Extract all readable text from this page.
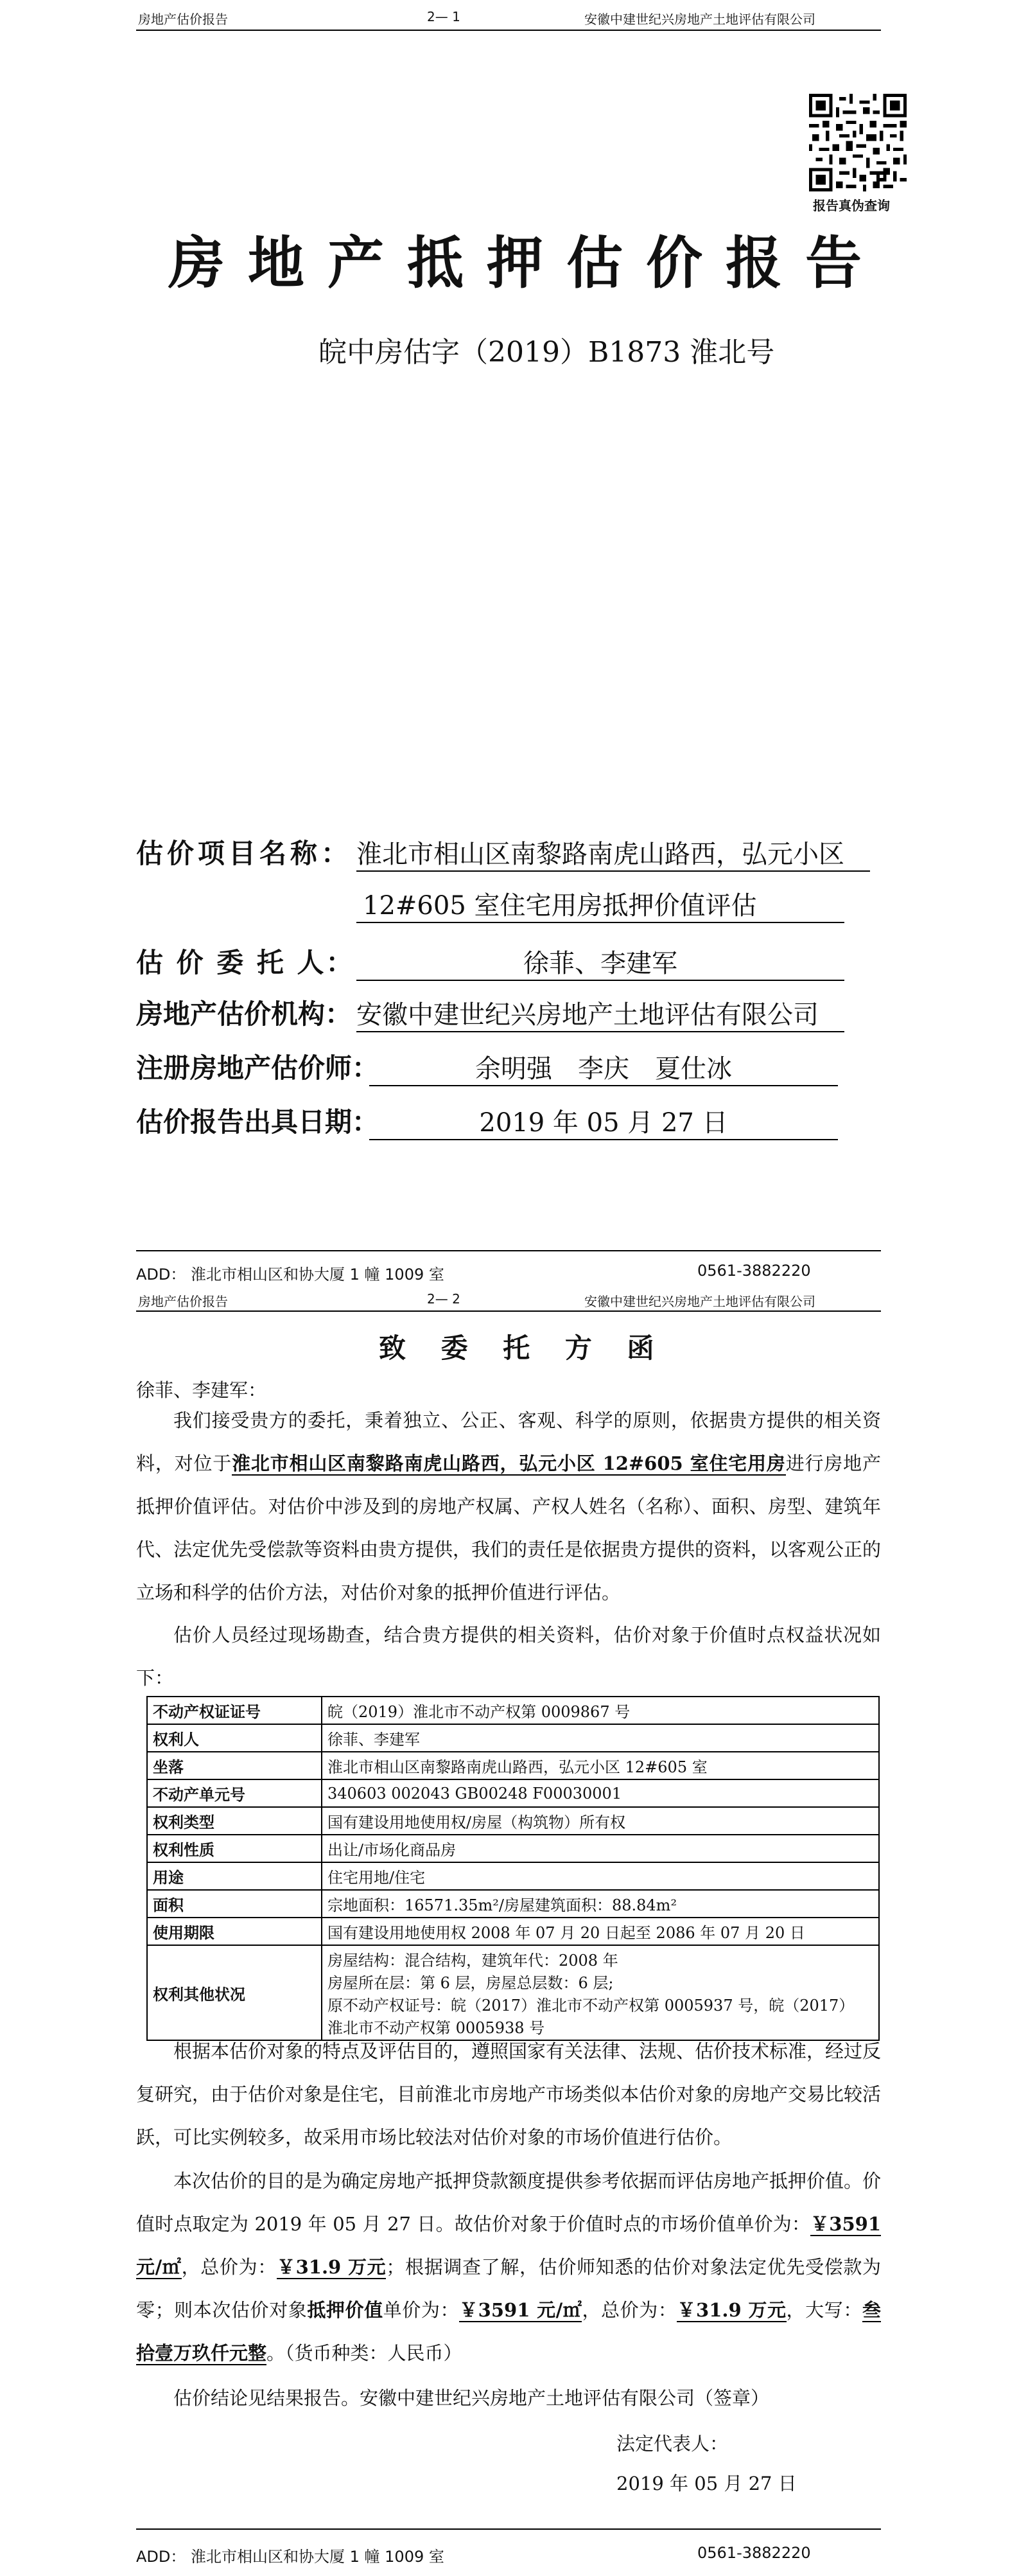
房地产估价报告	2— 1	安徽中建世纪兴房地产土地评估有限公司
报告真伪查询
房地产抵押估价报告
皖中房估字（2019）B1873 淮北号
估价项目名称： 淮北市相山区南黎路南虎山路西，弘元小区
12#605 室住宅用房抵押价值评估
估 价 委 托 人：	徐菲、李建军
房地产估价机构： 安徽中建世纪兴房地产土地评估有限公司
注册房地产估价师：	余明强　李庆　夏仕冰
估价报告出具日期：	2019 年 05 月 27 日
ADD： 淮北市相山区和协大厦 1 幢 1009 室	0561-3882220
房地产估价报告	2— 2	安徽中建世纪兴房地产土地评估有限公司
致 委 托 方 函
徐菲、李建军：
我们接受贵方的委托，秉着独立、公正、客观、科学的原则，依据贵方提供的相关资料，对位于淮北市相山区南黎路南虎山路西，弘元小区 12#605 室住宅用房进行房地产抵押价值评估。对估价中涉及到的房地产权属、产权人姓名（名称）、面积、房型、建筑年代、法定优先受偿款等资料由贵方提供，我们的责任是依据贵方提供的资料，以客观公正的立场和科学的估价方法，对估价对象的抵押价值进行评估。
估价人员经过现场勘查，结合贵方提供的相关资料，估价对象于价值时点权益状况如下：
不动产权证证号	皖（2019）淮北市不动产权第 0009867 号
权利人	徐菲、李建军
坐落	淮北市相山区南黎路南虎山路西，弘元小区 12#605 室
不动产单元号	340603 002043 GB00248 F00030001
权利类型	国有建设用地使用权/房屋（构筑物）所有权
权利性质	出让/市场化商品房
用途	住宅用地/住宅
面积	宗地面积：16571.35m²/房屋建筑面积：88.84m²
使用期限	国有建设用地使用权 2008 年 07 月 20 日起至 2086 年 07 月 20 日
权利其他状况	房屋结构：混合结构，建筑年代：2008 年
房屋所在层：第 6 层，房屋总层数：6 层;
原不动产权证号：皖（2017）淮北市不动产权第 0005937 号，皖（2017）
淮北市不动产权第 0005938 号
根据本估价对象的特点及评估目的，遵照国家有关法律、法规、估价技术标准，经过反复研究，由于估价对象是住宅，目前淮北市房地产市场类似本估价对象的房地产交易比较活跃，可比实例较多，故采用市场比较法对估价对象的市场价值进行估价。
本次估价的目的是为确定房地产抵押贷款额度提供参考依据而评估房地产抵押价值。价值时点取定为 2019 年 05 月 27 日。故估价对象于价值时点的市场价值单价为：￥3591 元/㎡，总价为：￥31.9 万元；根据调查了解，估价师知悉的估价对象法定优先受偿款为零；则本次估价对象抵押价值单价为：￥3591 元/㎡，总价为：￥31.9 万元，大写：叁拾壹万玖仟元整。（货币种类：人民币）
估价结论见结果报告。安徽中建世纪兴房地产土地评估有限公司（签章）
法定代表人：
2019 年 05 月 27 日
ADD： 淮北市相山区和协大厦 1 幢 1009 室	0561-3882220
